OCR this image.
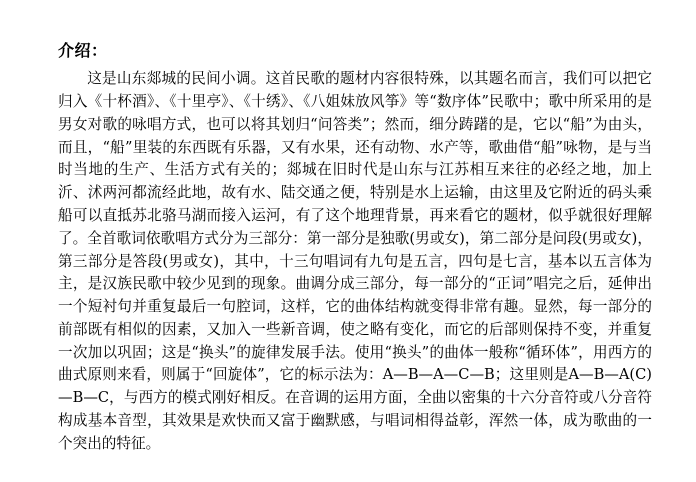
介绍：

这是山东郯城的民间小调。这首民歌的题材内容很特殊，以其题名而言，我们可以把它归入《十杯酒》、《十里亭》、《十绣》、《八姐妹放风筝》等“数序体”民歌中；歌中所采用的是男女对歌的咏唱方式，也可以将其划归“问答类”；然而，细分踌躇的是，它以“船”为由头，而且，“船”里装的东西既有乐器，又有水果，还有动物、水产等，歌曲借“船”咏物，是与当时当地的生产、生活方式有关的；郯城在旧时代是山东与江苏相互来往的必经之地，加上沂、沭两河都流经此地，故有水、陆交通之便，特别是水上运输，由这里及它附近的码头乘船可以直抵苏北骆马湖而接入运河，有了这个地理背景，再来看它的题材，似乎就很好理解了。全首歌词依歌唱方式分为三部分：第一部分是独歌(男或女)，第二部分是问段(男或女)，第三部分是答段(男或女)，其中，十三句唱词有九句是五言，四句是七言，基本以五言体为主，是汉族民歌中较少见到的现象。曲调分成三部分，每一部分的“正词”唱完之后，延伸出一个短衬句并重复最后一句腔词，这样，它的曲体结构就变得非常有趣。显然，每一部分的前部既有相似的因素，又加入一些新音调，使之略有变化，而它的后部则保持不变，并重复一次加以巩固；这是“换头”的旋律发展手法。使用“换头”的曲体一般称“循环体”，用西方的曲式原则来看，则属于“回旋体”，它的标示法为：A—B—A—C—B；这里则是A—B—A(C)—B—C，与西方的模式刚好相反。在音调的运用方面，全曲以密集的十六分音符或八分音符构成基本音型，其效果是欢快而又富于幽默感，与唱词相得益彰，浑然一体，成为歌曲的一个突出的特征。
